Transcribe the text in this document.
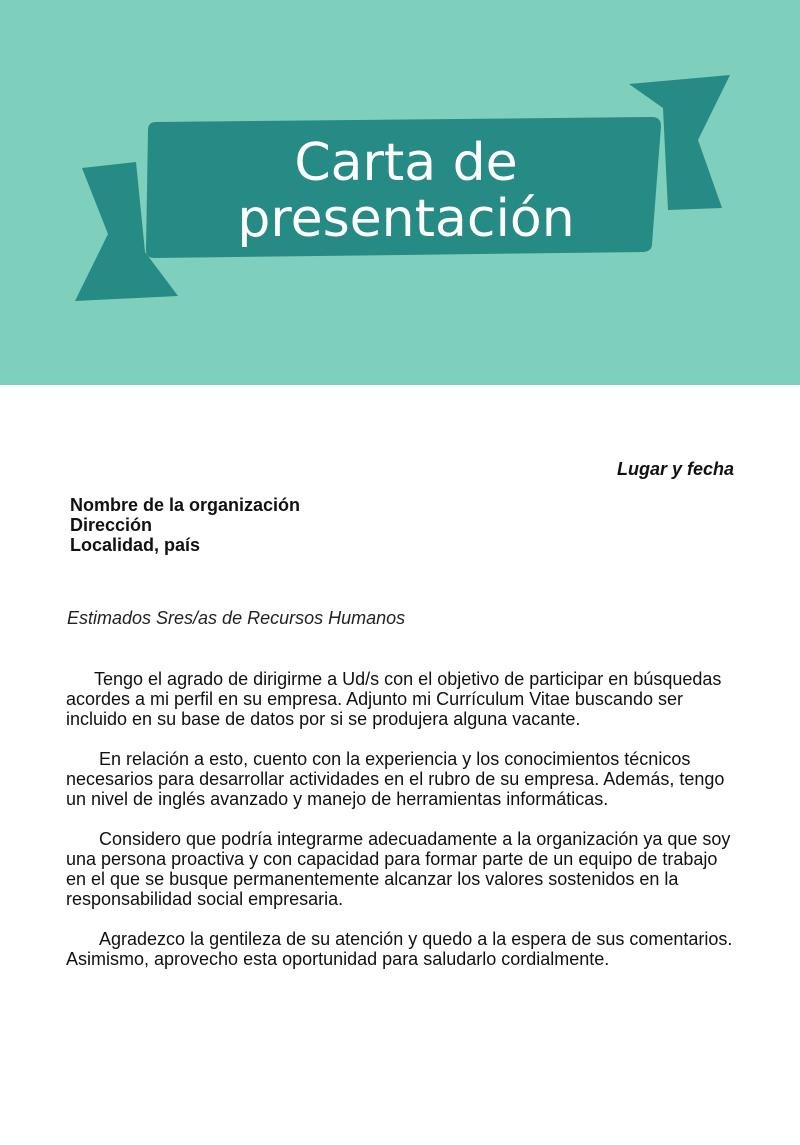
Carta de
presentación
Lugar y fecha
Nombre de la organización
Dirección
Localidad, país
Estimados Sres/as de Recursos Humanos

Tengo el agrado de dirigirme a Ud/s con el objetivo de participar en búsquedas acordes a mi perfil en su empresa. Adjunto mi Currículum Vitae buscando ser incluido en su base de datos por si se produjera alguna vacante.

En relación a esto, cuento con la experiencia y los conocimientos técnicos necesarios para desarrollar actividades en el rubro de su empresa. Además, tengo un nivel de inglés avanzado y manejo de herramientas informáticas.

Considero que podría integrarme adecuadamente a la organización ya que soy una persona proactiva y con capacidad para formar parte de un equipo de trabajo en el que se busque permanentemente alcanzar los valores sostenidos en la responsabilidad social empresaria.

Agradezco la gentileza de su atención y quedo a la espera de sus comentarios. Asimismo, aprovecho esta oportunidad para saludarlo cordialmente.
